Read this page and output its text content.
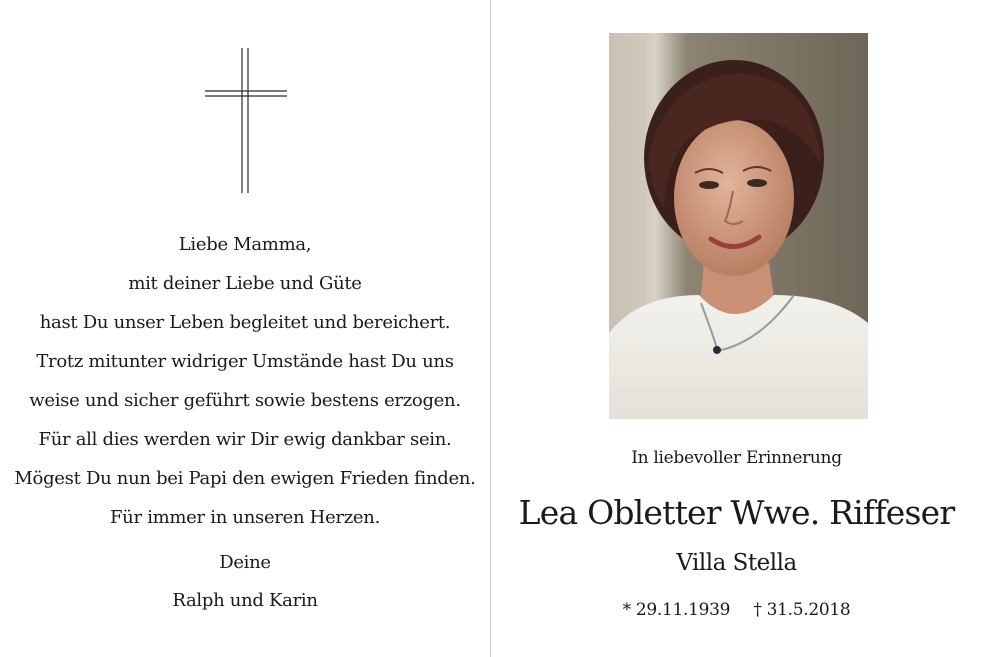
Liebe Mamma,
mit deiner Liebe und Güte
hast Du unser Leben begleitet und bereichert.
Trotz mitunter widriger Umstände hast Du uns
weise und sicher geführt sowie bestens erzogen.
Für all dies werden wir Dir ewig dankbar sein.
Mögest Du nun bei Papi den ewigen Frieden finden.
Für immer in unseren Herzen.
Deine
Ralph und Karin
In liebevoller Erinnerung
Lea Obletter Wwe. Riffeser
Villa Stella
* 29.11.1939 † 31.5.2018
